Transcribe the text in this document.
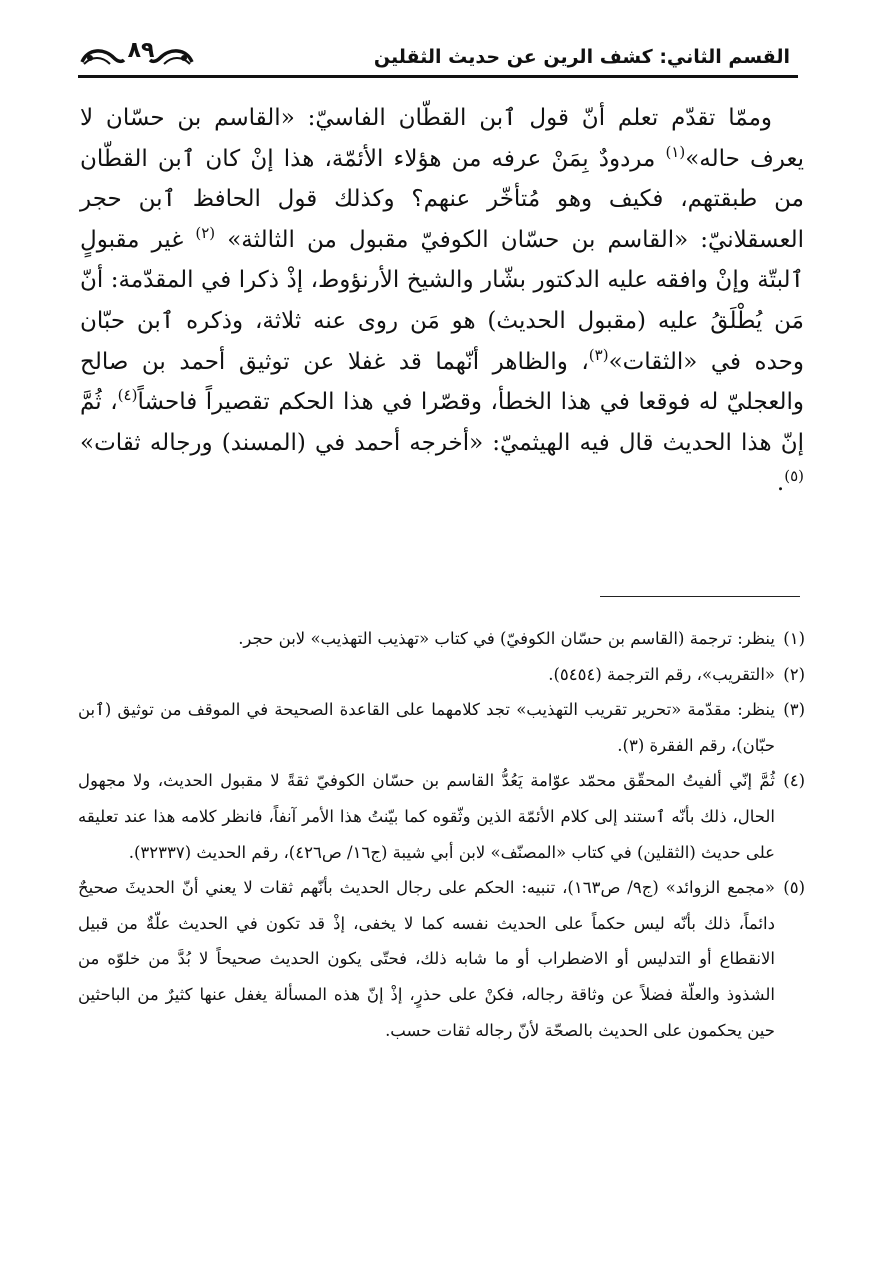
القسم الثاني: كشف الرين عن حديث الثقلين
٨٩

وممّا تقدّم تعلم أنّ قول ٱبن القطّان الفاسيّ: «القاسم بن حسّان لا يعرف حاله»$^{(١)}$ مردودٌ بِمَنْ عرفه من هؤلاء الأئمّة، هذا إنْ كان ٱبن القطّان من طبقتهم، فكيف وهو مُتأخّر عنهم؟ وكذلك قول الحافظ ٱبن حجر العسقلانيّ: «القاسم بن حسّان الكوفيّ مقبول من الثالثة» $^{(٢)}$ غير مقبولٍ ٱلبتّة وإنْ وافقه عليه الدكتور بشّار والشيخ الأرنؤوط، إذْ ذكرا في المقدّمة: أنّ مَن يُطْلَقُ عليه (مقبول الحديث) هو مَن روى عنه ثلاثة، وذكره ٱبن حبّان وحده في «الثقات»$^{(٣)}$، والظاهر أنّهما قد غفلا عن توثيق أحمد بن صالح والعجليّ له فوقعا في هذا الخطأ، وقصّرا في هذا الحكم تقصيراً فاحشاً$^{(٤)}$، ثُمَّ إنّ هذا الحديث قال فيه الهيثميّ: «أخرجه أحمد في (المسند) ورجاله ثقات» $^{(٥)}$.

(١)
ينظر: ترجمة (القاسم بن حسّان الكوفيّ) في كتاب «تهذيب التهذيب» لابن حجر.
(٢)
«التقريب»، رقم الترجمة (٥٤٥٤).
(٣)
ينظر: مقدّمة «تحرير تقريب التهذيب» تجد كلامهما على القاعدة الصحيحة في الموقف من توثيق (ٱبن حبّان)، رقم الفقرة (٣).
(٤)
ثُمَّ إنّي ألفيتُ المحقّق محمّد عوّامة يَعُدُّ القاسم بن حسّان الكوفيّ ثقةً لا مقبول الحديث، ولا مجهول الحال، ذلك بأنّه ٱستند إلى كلام الأئمّة الذين وثّقوه كما بيّنتُ هذا الأمر آنفاً، فانظر كلامه هذا عند تعليقه على حديث (الثقلين) في كتاب «المصنّف» لابن أبي شيبة (ج١٦/ ص٤٢٦)، رقم الحديث (٣٢٣٣٧).
(٥)
«مجمع الزوائد» (ج٩/ ص١٦٣)، تنبيه: الحكم على رجال الحديث بأنّهم ثقات لا يعني أنّ الحديثَ صحيحٌ دائماً، ذلك بأنّه ليس حكماً على الحديث نفسه كما لا يخفى، إذْ قد تكون في الحديث علّةٌ من قبيل الانقطاع أو التدليس أو الاضطراب أو ما شابه ذلك، فحتّى يكون الحديث صحيحاً لا بُدَّ من خلوّه من الشذوذ والعلّة فضلاً عن وثاقة رجاله، فكنْ على حذرٍ، إذْ إنّ هذه المسألة يغفل عنها كثيرٌ من الباحثين حين يحكمون على الحديث بالصحّة لأنّ رجاله ثقات حسب.
